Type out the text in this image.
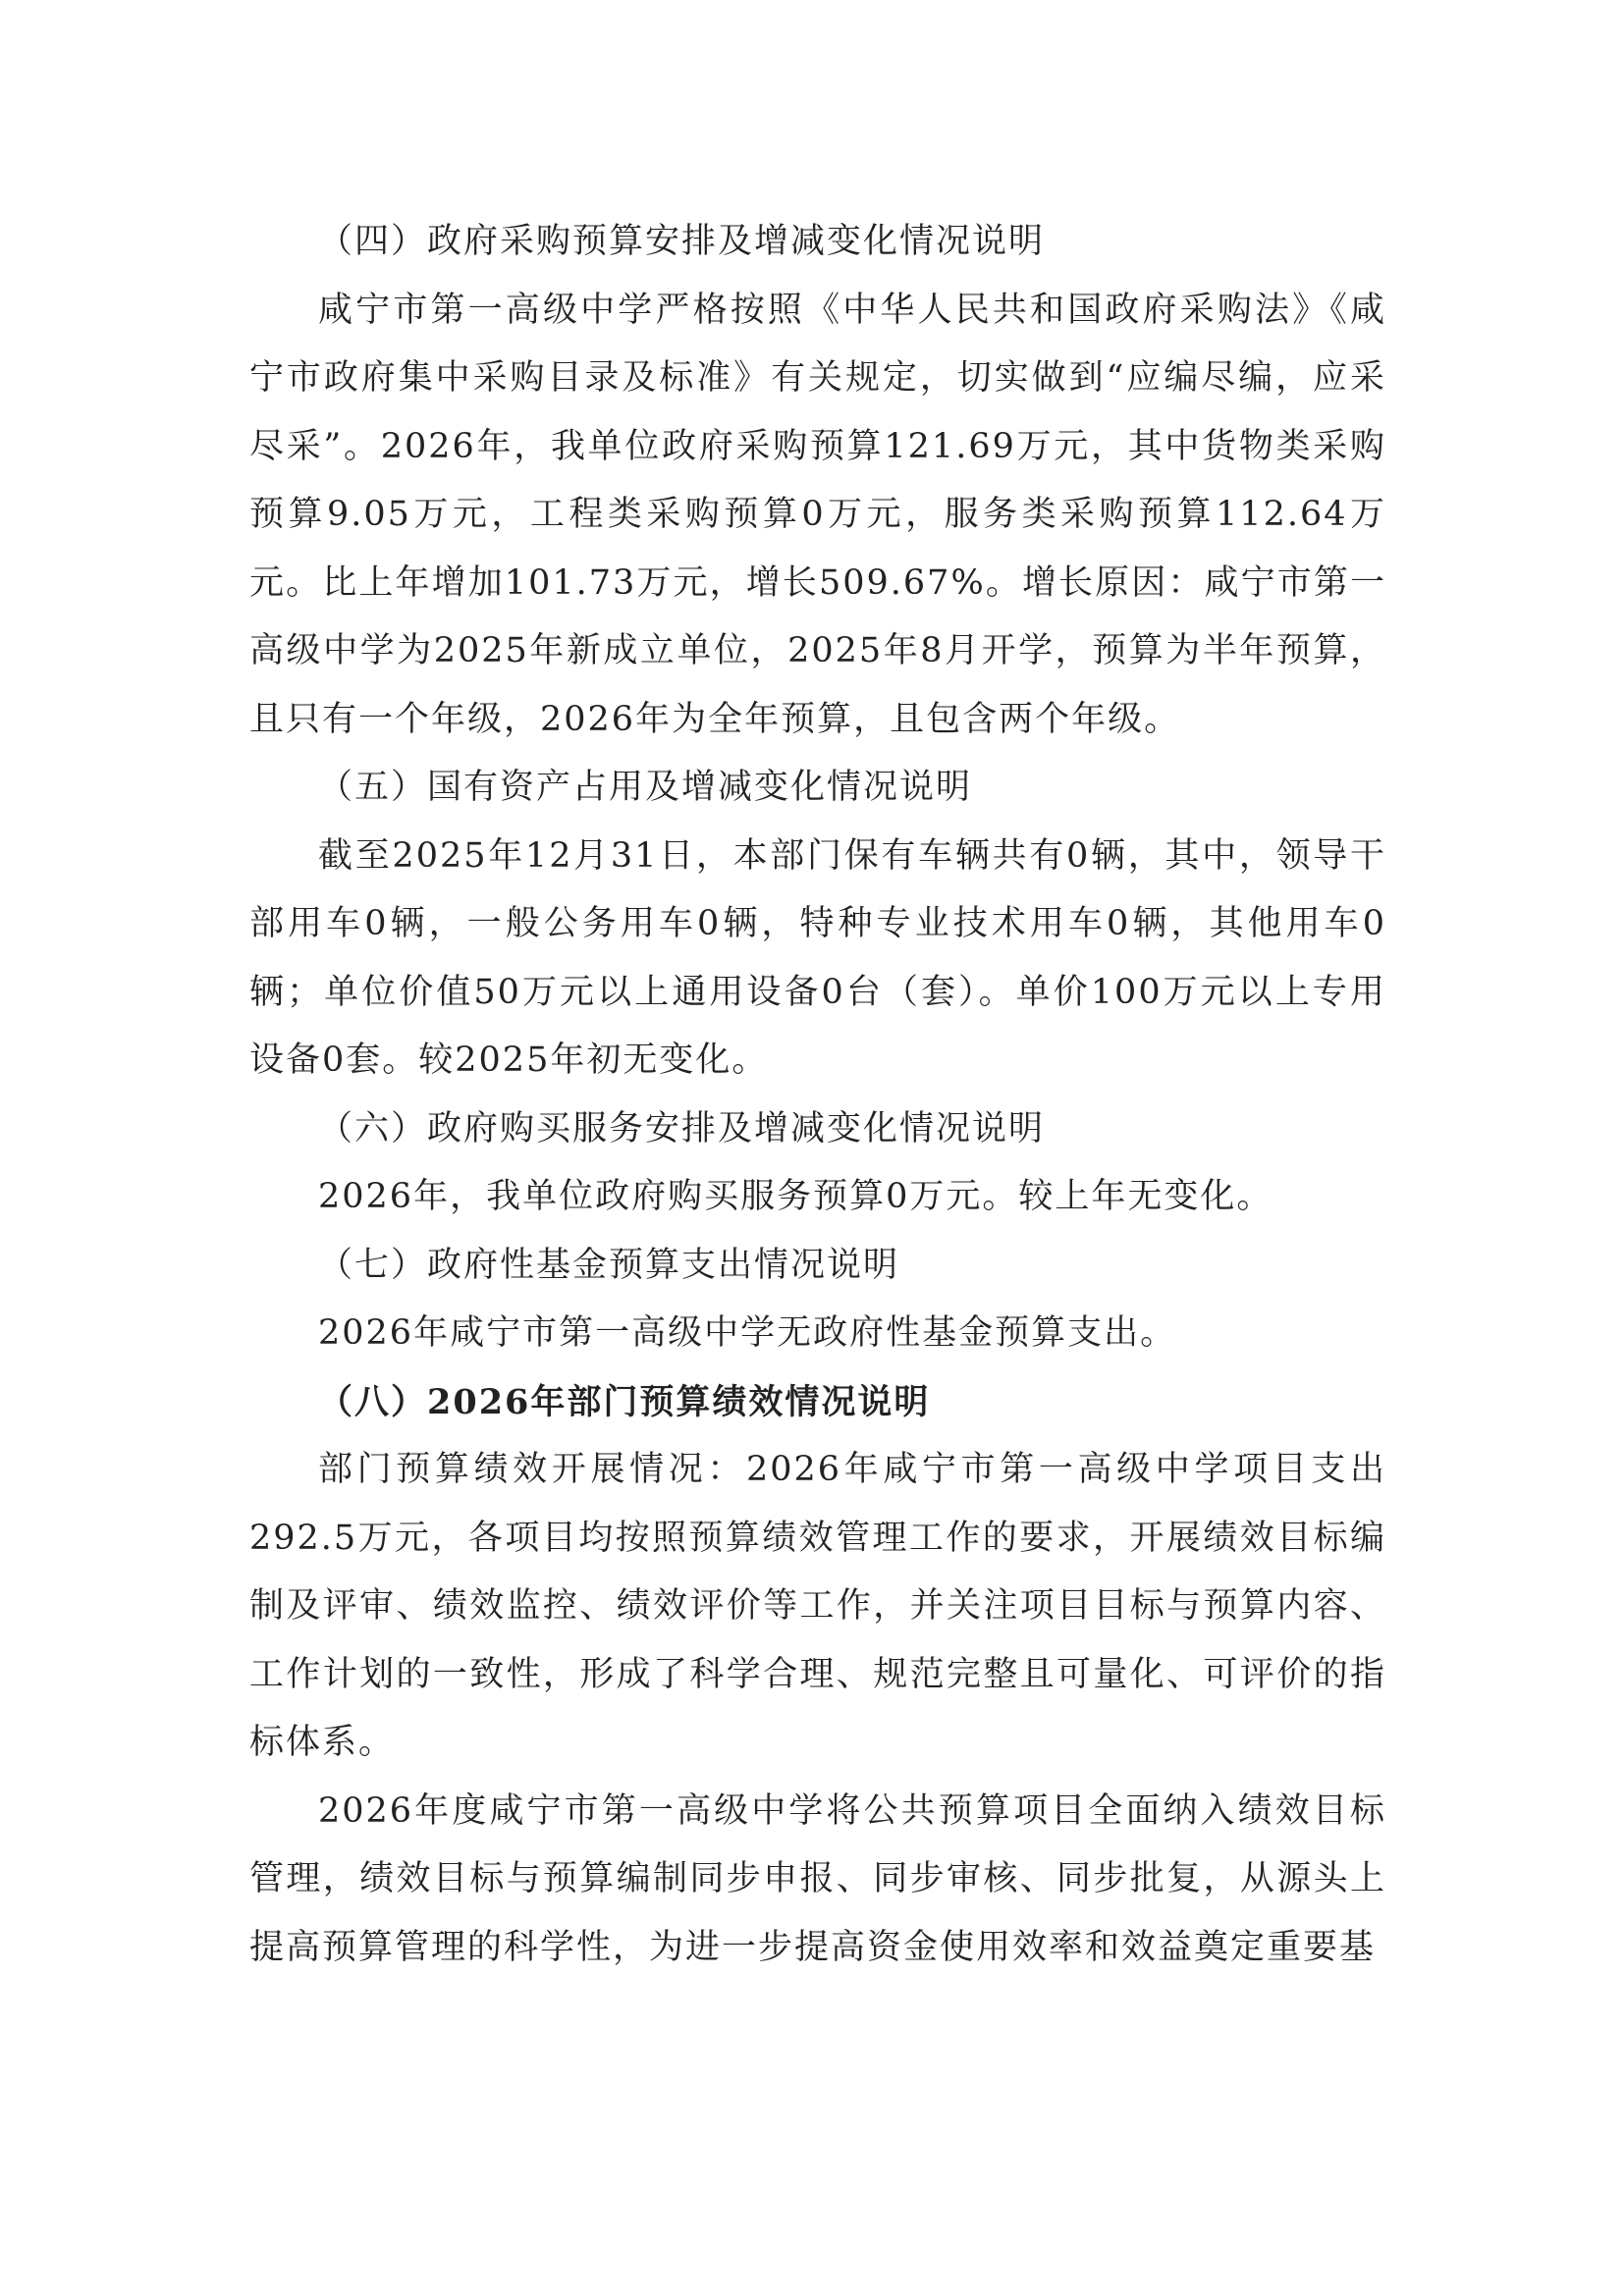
（四）政府采购预算安排及增减变化情况说明

咸宁市第一高级中学严格按照《中华人民共和国政府采购法》《咸宁市政府集中采购目录及标准》有关规定，切实做到“应编尽编，应采尽采”。2026年，我单位政府采购预算121.69万元，其中货物类采购预算9.05万元，工程类采购预算0万元，服务类采购预算112.64万元。比上年增加101.73万元，增长509.67%。增长原因：咸宁市第一高级中学为2025年新成立单位，2025年8月开学，预算为半年预算，且只有一个年级，2026年为全年预算，且包含两个年级。

（五）国有资产占用及增减变化情况说明

截至2025年12月31日，本部门保有车辆共有0辆，其中，领导干部用车0辆，一般公务用车0辆，特种专业技术用车0辆，其他用车0辆；单位价值50万元以上通用设备0台（套）。单价100万元以上专用设备0套。较2025年初无变化。

（六）政府购买服务安排及增减变化情况说明

2026年，我单位政府购买服务预算0万元。较上年无变化。

（七）政府性基金预算支出情况说明

2026年咸宁市第一高级中学无政府性基金预算支出。

（八）2026年部门预算绩效情况说明

部门预算绩效开展情况：2026年咸宁市第一高级中学项目支出292.5万元，各项目均按照预算绩效管理工作的要求，开展绩效目标编制及评审、绩效监控、绩效评价等工作，并关注项目目标与预算内容、工作计划的一致性，形成了科学合理、规范完整且可量化、可评价的指标体系。

2026年度咸宁市第一高级中学将公共预算项目全面纳入绩效目标管理，绩效目标与预算编制同步申报、同步审核、同步批复，从源头上提高预算管理的科学性，为进一步提高资金使用效率和效益奠定重要基
